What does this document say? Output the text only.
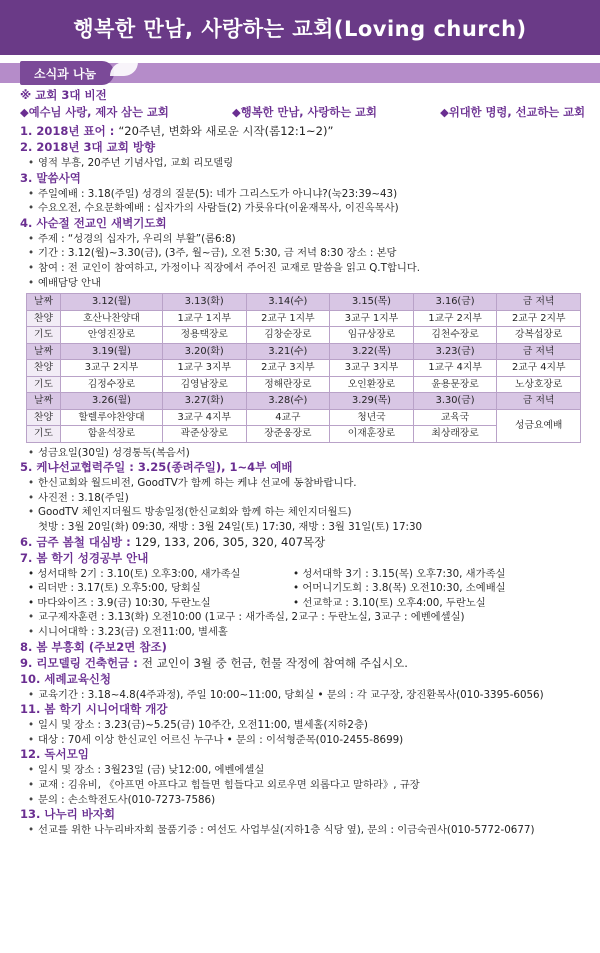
행복한 만남, 사랑하는 교회(Loving church)
소식과 나눔
※ 교회 3대 비전
◆예수님 사랑, 제자 삼는 교회	◆행복한 만남, 사랑하는 교회	◆위대한 명령, 선교하는 교회
1. 2018년 표어 : “20주년, 변화와 새로운 시작(롬12:1~2)”
2. 2018년 3대 교회 방향
• 영적 부흥, 20주년 기념사업, 교회 리모델링
3. 말씀사역
• 주일예배 : 3.18(주일) 성경의 질문(5): 네가 그리스도가 아니냐?(눅23:39~43)
• 수요오전, 수요문화예배 : 십자가의 사람들(2) 가룟유다(이윤재목사, 이진옥목사)
4. 사순절 전교인 새벽기도회
• 주제 : “성경의 십자가, 우리의 부활”(롬6:8)
• 기간 : 3.12(월)~3.30(금), (3주, 월~금), 오전 5:30, 금 저녁 8:30 장소 : 본당
• 참여 : 전 교인이 참여하고, 가정이나 직장에서 주어진 교재로 말씀을 읽고 Q.T합니다.
• 예배담당 안내
날짜	3.12(월)	3.13(화)	3.14(수)	3.15(목)	3.16(금)	금 저녁
찬양	호산나찬양대	1교구 1지부	2교구 1지부	3교구 1지부	1교구 2지부	2교구 2지부
기도	안영진장로	정용택장로	김창순장로	임규상장로	김천수장로	강복섭장로
날짜	3.19(월)	3.20(화)	3.21(수)	3.22(목)	3.23(금)	금 저녁
찬양	3교구 2지부	1교구 3지부	2교구 3지부	3교구 3지부	1교구 4지부	2교구 4지부
기도	김정수장로	김영남장로	정해란장로	오인환장로	윤용문장로	노상호장로
날짜	3.26(월)	3.27(화)	3.28(수)	3.29(목)	3.30(금)	금 저녁
찬양	할렐루야찬양대	3교구 4지부	4교구	청년국	교육국	성금요예배
기도	함윤석장로	곽준상장로	장준웅장로	이재훈장로	최상래장로	
• 성금요일(30일) 성경통독(복음서)
5. 케냐선교협력주일 : 3.25(종려주일), 1~4부 예배
• 한신교회와 월드비전, GoodTV가 함께 하는 케냐 선교에 동참바랍니다.
• 사진전 : 3.18(주일)
• GoodTV 체인지더월드 방송일정(한신교회와 함께 하는 체인지더월드)
첫방 : 3월 20일(화) 09:30, 재방 : 3월 24일(토) 17:30, 재방 : 3월 31일(토) 17:30
6. 금주 봄철 대심방 : 129, 133, 206, 305, 320, 407목장
7. 봄 학기 성경공부 안내
• 성서대학 2기 : 3.10(토) 오후3:00, 새가족실	• 성서대학 3기 : 3.15(목) 오후7:30, 새가족실
• 리더반 : 3.17(토) 오후5:00, 당회실	• 어머니기도회 : 3.8(목) 오전10:30, 소예배실
• 마다와이즈 : 3.9(금) 10:30, 두란노실	• 선교학교 : 3.10(토) 오후4:00, 두란노실
• 교구제자훈련 : 3.13(화) 오전10:00 (1교구 : 새가족실, 2교구 : 두란노실, 3교구 : 에벤에셀실)
• 시니어대학 : 3.23(금) 오전11:00, 별세홀
8. 봄 부흥회 (주보2면 참조)
9. 리모델링 건축헌금 : 전 교인이 3월 중 헌금, 헌물 작정에 참여해 주십시오.
10. 세례교육신청
• 교육기간 : 3.18~4.8(4주과정), 주일 10:00~11:00, 당회실 • 문의 : 각 교구장, 장진환목사(010-3395-6056)
11. 봄 학기 시니어대학 개강
• 일시 및 장소 : 3.23(금)~5.25(금) 10주간, 오전11:00, 별세홀(지하2층)
• 대상 : 70세 이상 한신교인 어르신 누구나 • 문의 : 이석형준목(010-2455-8699)
12. 독서모임
• 일시 및 장소 : 3월23일 (금) 낮12:00, 에벤에셀실
• 교재 : 김유비, 《아프면 아프다고 힘들면 힘들다고 외로우면 외롭다고 말하라》, 규장
• 문의 : 손소학전도사(010-7273-7586)
13. 나누리 바자회
• 선교를 위한 나누리바자회 물품기증 : 여선도 사업부실(지하1층 식당 옆), 문의 : 이금숙권사(010-5772-0677)
